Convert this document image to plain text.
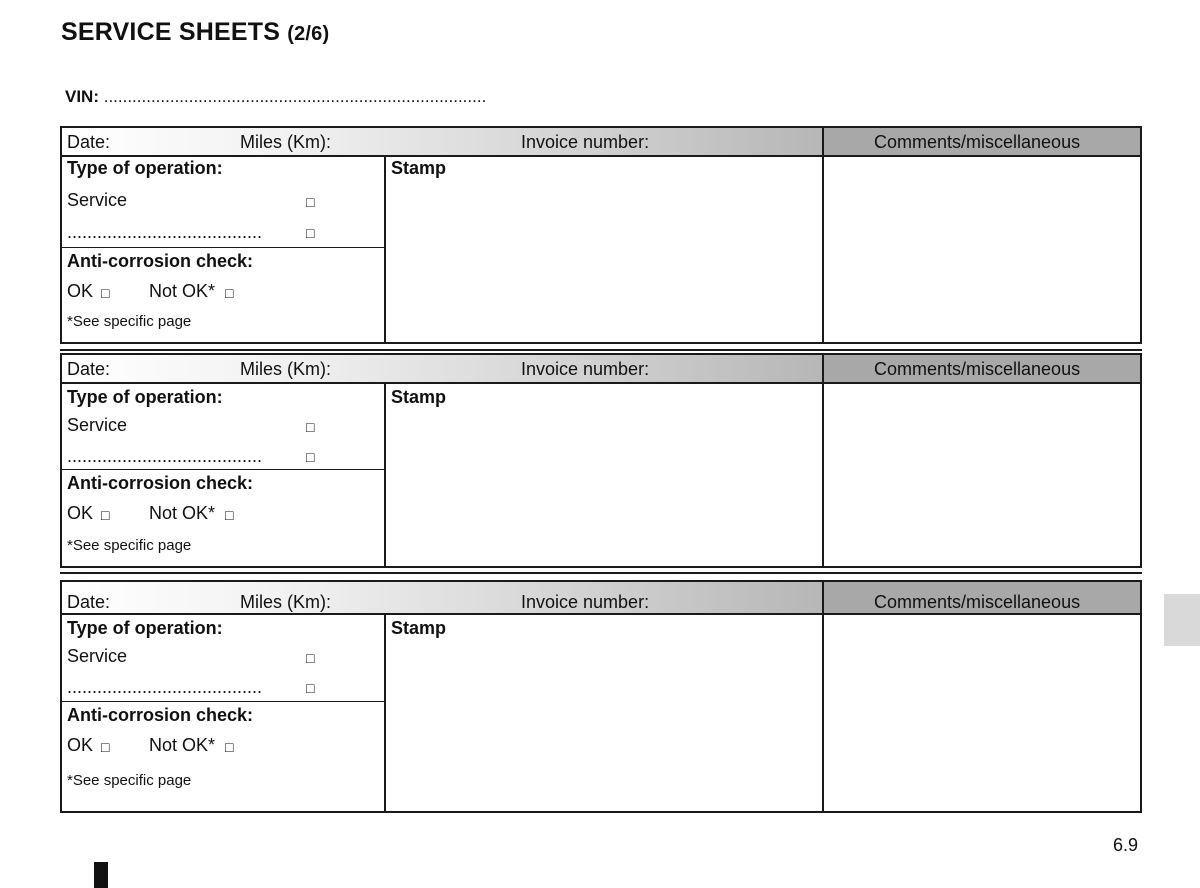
SERVICE SHEETS (2/6)
VIN: .................................................................................
Date:	Miles (Km):	Invoice number:	Comments/miscellaneous
Type of operation:
Service	□
.......................................	□
Anti-corrosion check:
OK □ Not OK* □
*See specific page
Stamp
Date:	Miles (Km):	Invoice number:	Comments/miscellaneous
Type of operation:
Service	□
.......................................	□
Anti-corrosion check:
OK □ Not OK* □
*See specific page
Stamp
Date:	Miles (Km):	Invoice number:	Comments/miscellaneous
Type of operation:
Service	□
.......................................	□
Anti-corrosion check:
OK □ Not OK* □
*See specific page
Stamp
6.9
